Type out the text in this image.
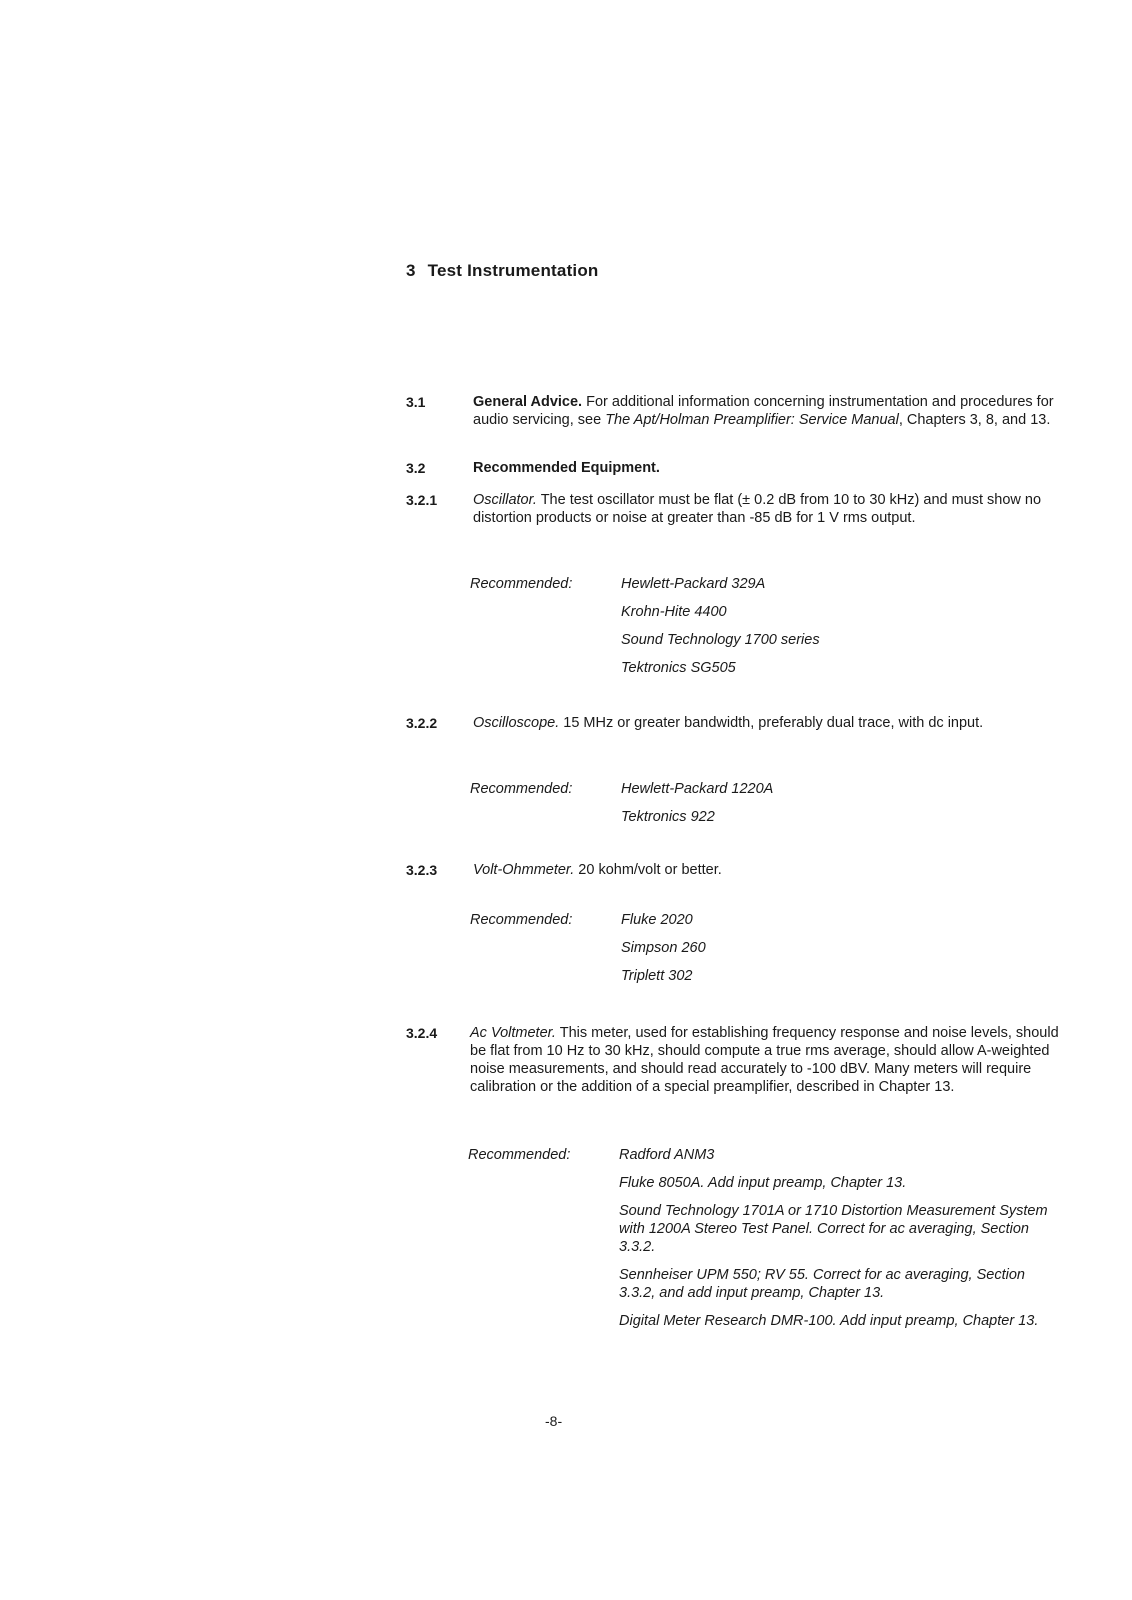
3 Test Instrumentation
3.1	General Advice. For additional information concerning instrumentation and procedures for audio servicing, see The Apt/Holman Preamplifier: Service Manual, Chapters 3, 8, and 13.
3.2	Recommended Equipment.
3.2.1 Oscillator. The test oscillator must be flat (± 0.2 dB from 10 to 30 kHz) and must show no distortion products or noise at greater than -85 dB for 1 V rms output.
Recommended:	Hewlett-Packard 329A
Krohn-Hite 4400
Sound Technology 1700 series
Tektronics SG505
3.2.2 Oscilloscope. 15 MHz or greater bandwidth, preferably dual trace, with dc input.
Recommended:	Hewlett-Packard 1220A
Tektronics 922
3.2.3 Volt-Ohmmeter. 20 kohm/volt or better.
Recommended:	Fluke 2020
Simpson 260
Triplett 302
3.2.4 Ac Voltmeter. This meter, used for establishing frequency response and noise levels, should be flat from 10 Hz to 30 kHz, should compute a true rms average, should allow A-weighted noise measurements, and should read accurately to -100 dBV. Many meters will require calibration or the addition of a special preamplifier, described in Chapter 13.
Recommended:	Radford ANM3
Fluke 8050A. Add input preamp, Chapter 13.
Sound Technology 1701A or 1710 Distortion Measurement System with 1200A Stereo Test Panel. Correct for ac averaging, Section 3.3.2.
Sennheiser UPM 550; RV 55. Correct for ac averaging, Section 3.3.2, and add input preamp, Chapter 13.
Digital Meter Research DMR-100. Add input preamp, Chapter 13.
-8-
